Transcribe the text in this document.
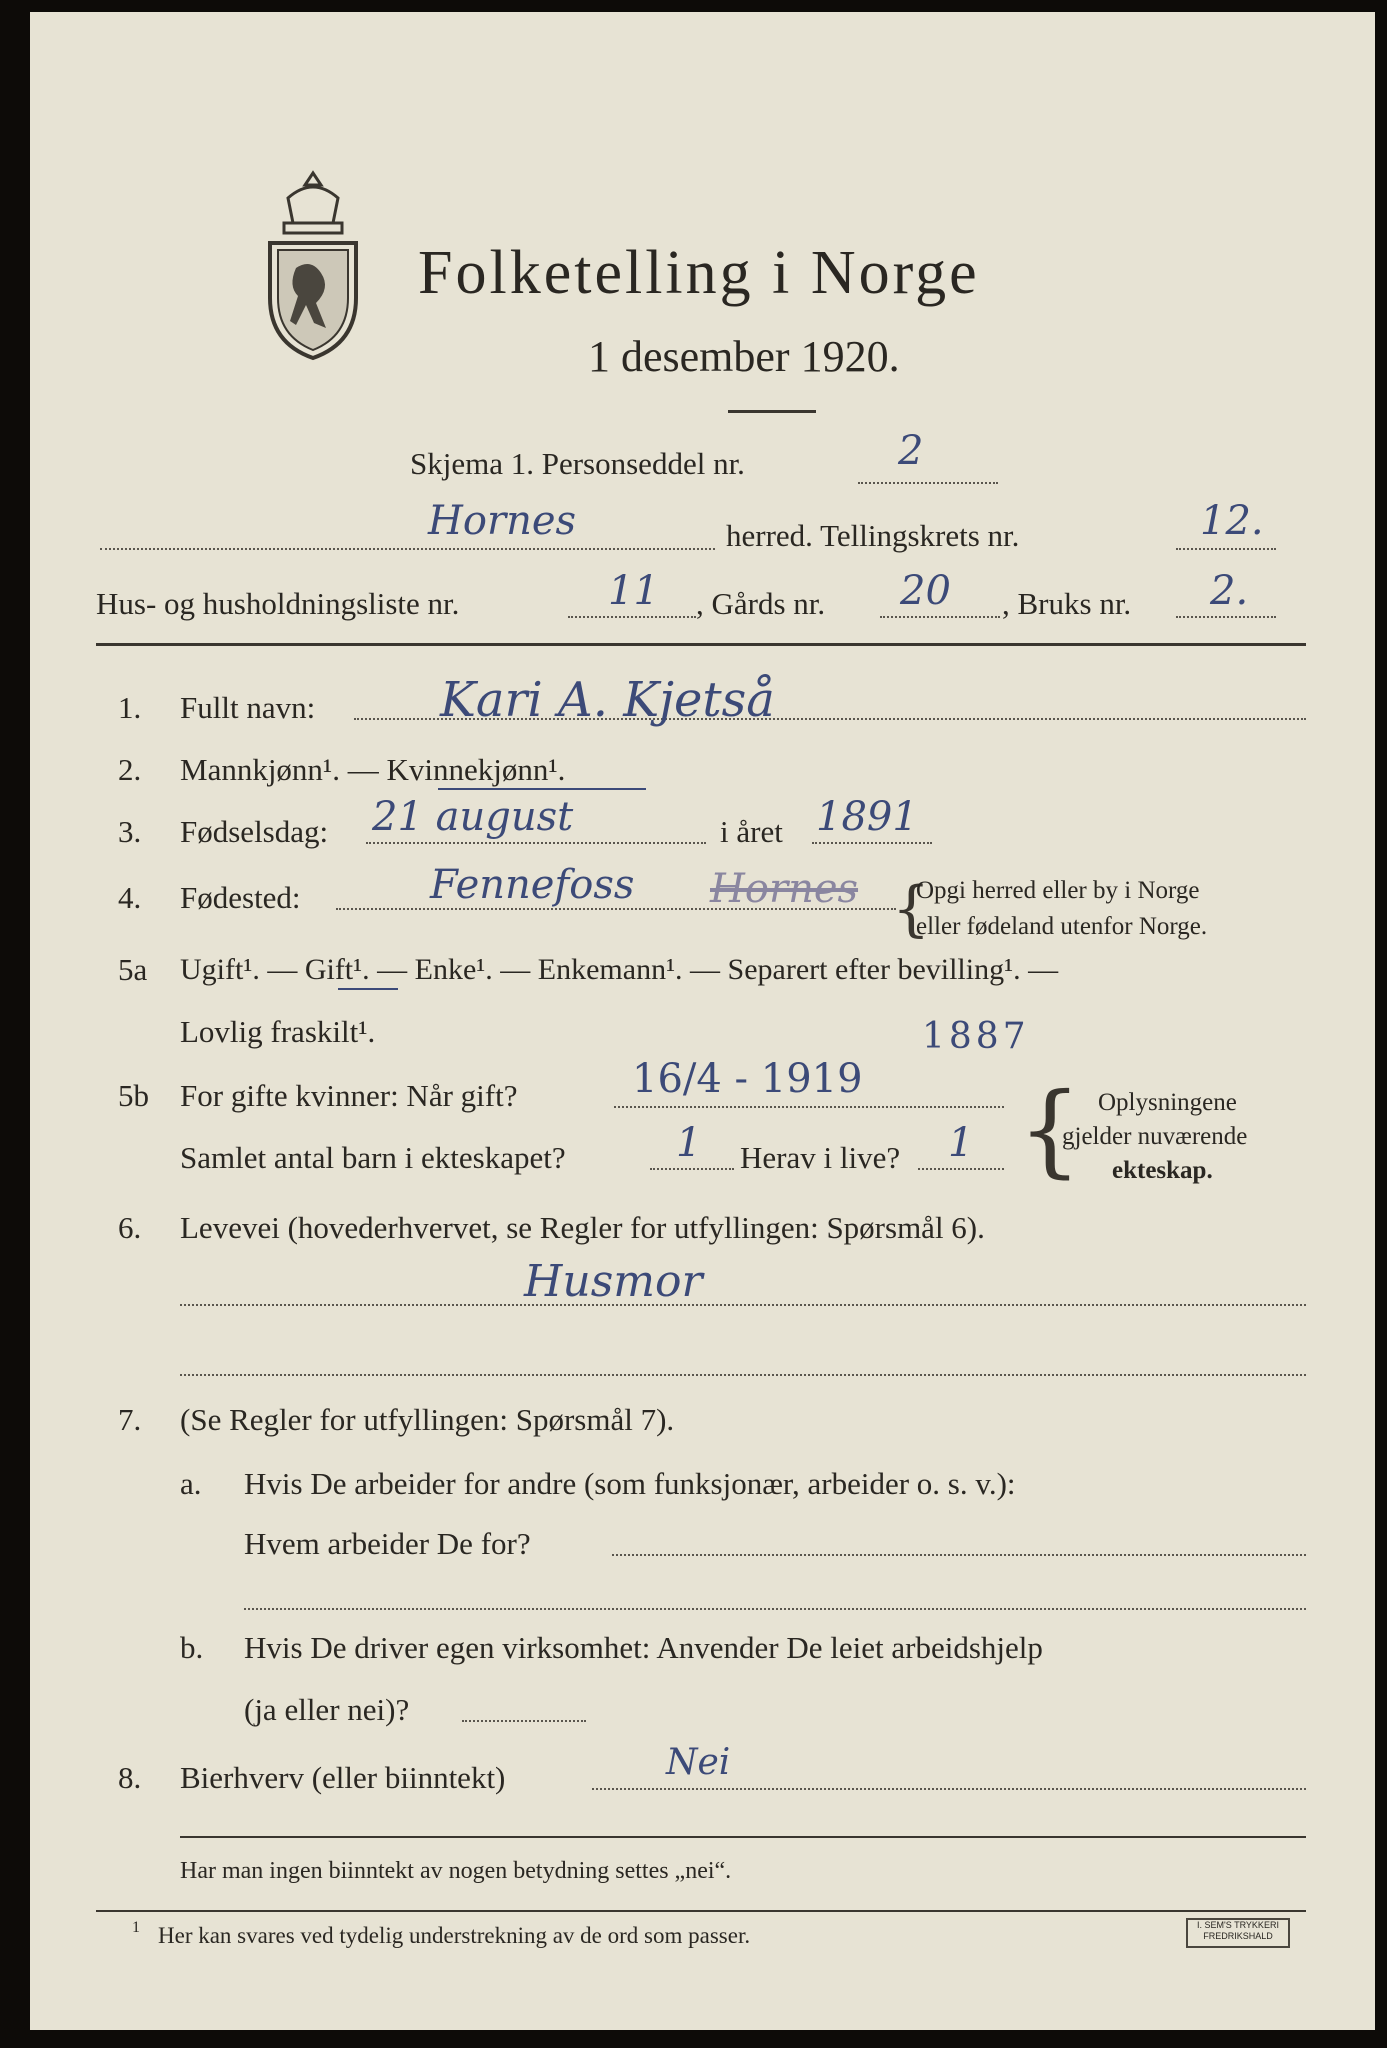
Folketelling i Norge
1 desember 1920.
Skjema 1. Personseddel nr.	2
Hornes	herred. Tellingskrets nr.	12.
Hus- og husholdningsliste nr.	11 , Gårds nr. 20 , Bruks nr. 2.
1. Fullt navn:	Kari A. Kjetså
2. Mannkjønn¹. — Kvinnekjønn¹.
3. Fødselsdag: 21 august	i året 1891
4. Fødested:	Fennefoss Hornes {
Opgi herred eller by i Norge
eller fødeland utenfor Norge.
5a Ugift¹. — Gift¹. — Enke¹. — Enkemann¹. — Separert efter bevilling¹. —
Lovlig fraskilt¹.	1887
5b For gifte kvinner: Når gift?	16/4 - 1919
Samlet antal barn i ekteskapet?	1 Herav i live? 1 { Oplysningene
gjelder nuværende
ekteskap.
6. Levevei (hovederhvervet, se Regler for utfyllingen: Spørsmål 6).
Husmor
7. (Se Regler for utfyllingen: Spørsmål 7).
a. Hvis De arbeider for andre (som funksjonær, arbeider o. s. v.):
Hvem arbeider De for?
b. Hvis De driver egen virksomhet: Anvender De leiet arbeidshjelp
(ja eller nei)?
8. Bierhverv (eller biinntekt)	Nei
Har man ingen biinntekt av nogen betydning settes „nei“.
1 Her kan svares ved tydelig understrekning av de ord som passer.	I. SEM'S TRYKKERI FREDRIKSHALD
